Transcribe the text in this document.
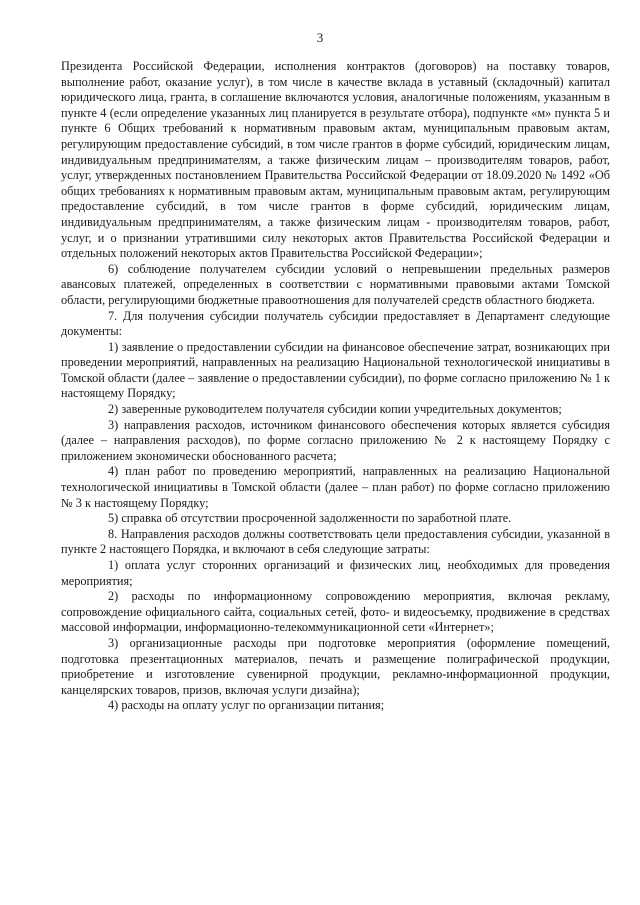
3

Президента Российской Федерации, исполнения контрактов (договоров) на поставку товаров, выполнение работ, оказание услуг), в том числе в качестве вклада в уставный (складочный) капитал юридического лица, гранта, в соглашение включаются условия, аналогичные положениям, указанным в пункте 4 (если определение указанных лиц планируется в результате отбора), подпункте «м» пункта 5 и пункте 6 Общих требований к нормативным правовым актам, муниципальным правовым актам, регулирующим предоставление субсидий, в том числе грантов в форме субсидий, юридическим лицам, индивидуальным предпринимателям, а также физическим лицам – производителям товаров, работ, услуг, утвержденных постановлением Правительства Российской Федерации от 18.09.2020 № 1492 «Об общих требованиях к нормативным правовым актам, муниципальным правовым актам, регулирующим предоставление субсидий, в том числе грантов в форме субсидий, юридическим лицам, индивидуальным предпринимателям, а также физическим лицам - производителям товаров, работ, услуг, и о признании утратившими силу некоторых актов Правительства Российской Федерации и отдельных положений некоторых актов Правительства Российской Федерации»;

6) соблюдение получателем субсидии условий о непревышении предельных размеров авансовых платежей, определенных в соответствии с нормативными правовыми актами Томской области, регулирующими бюджетные правоотношения для получателей средств областного бюджета.

7. Для получения субсидии получатель субсидии предоставляет в Департамент следующие документы:

1) заявление о предоставлении субсидии на финансовое обеспечение затрат, возникающих при проведении мероприятий, направленных на реализацию Национальной технологической инициативы в Томской области (далее – заявление о предоставлении субсидии), по форме согласно приложению № 1 к настоящему Порядку;

2) заверенные руководителем получателя субсидии копии учредительных документов;

3) направления расходов, источником финансового обеспечения которых является субсидия (далее – направления расходов), по форме согласно приложению № 2 к настоящему Порядку с приложением экономически обоснованного расчета;

4) план работ по проведению мероприятий, направленных на реализацию Национальной технологической инициативы в Томской области (далее – план работ) по форме согласно приложению № 3 к настоящему Порядку;

5) справка об отсутствии просроченной задолженности по заработной плате.

8. Направления расходов должны соответствовать цели предоставления субсидии, указанной в пункте 2 настоящего Порядка, и включают в себя следующие затраты:

1) оплата услуг сторонних организаций и физических лиц, необходимых для проведения мероприятия;

2) расходы по информационному сопровождению мероприятия, включая рекламу, сопровождение официального сайта, социальных сетей, фото- и видеосъемку, продвижение в средствах массовой информации, информационно-телекоммуникационной сети «Интернет»;

3) организационные расходы при подготовке мероприятия (оформление помещений, подготовка презентационных материалов, печать и размещение полиграфической продукции, приобретение и изготовление сувенирной продукции, рекламно-информационной продукции, канцелярских товаров, призов, включая услуги дизайна);

4) расходы на оплату услуг по организации питания;
